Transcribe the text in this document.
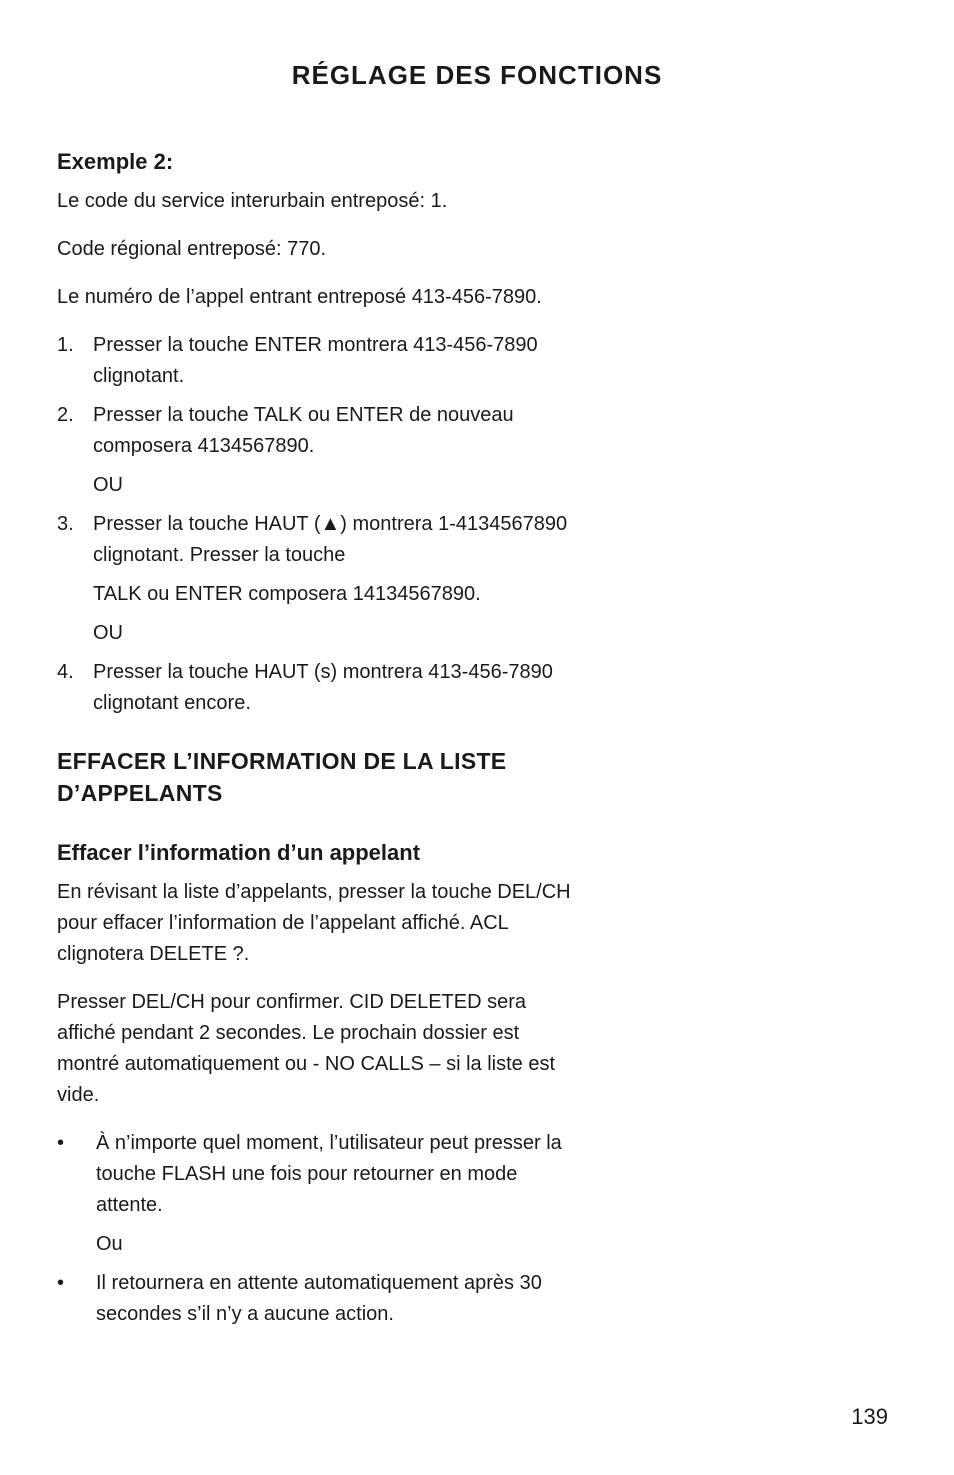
RÉGLAGE DES FONCTIONS
Exemple 2:

Le code du service interurbain entreposé: 1.

Code régional entreposé: 770.

Le numéro de l’appel entrant entreposé 413-456-7890.

1. Presser la touche ENTER montrera 413-456-7890 clignotant.
2. Presser la touche TALK ou ENTER de nouveau composera 4134567890.
OU
3. Presser la touche HAUT (▲) montrera 1-4134567890 clignotant. Presser la touche
TALK ou ENTER composera 14134567890.
OU
4. Presser la touche HAUT (s) montrera 413-456-7890 clignotant encore.
EFFACER L’INFORMATION DE LA LISTE D’APPELANTS
Effacer l’information d’un appelant

En révisant la liste d’appelants, presser la touche DEL/CH pour effacer l’information de l’appelant affiché. ACL clignotera DELETE ?.

Presser DEL/CH pour confirmer. CID DELETED sera affiché pendant 2 secondes. Le prochain dossier est montré automatiquement ou - NO CALLS – si la liste est vide.

•	À n’importe quel moment, l’utilisateur peut presser la touche FLASH une fois pour retourner en mode attente.
Ou
•	Il retournera en attente automatiquement après 30 secondes s’il n’y a aucune action.
139
